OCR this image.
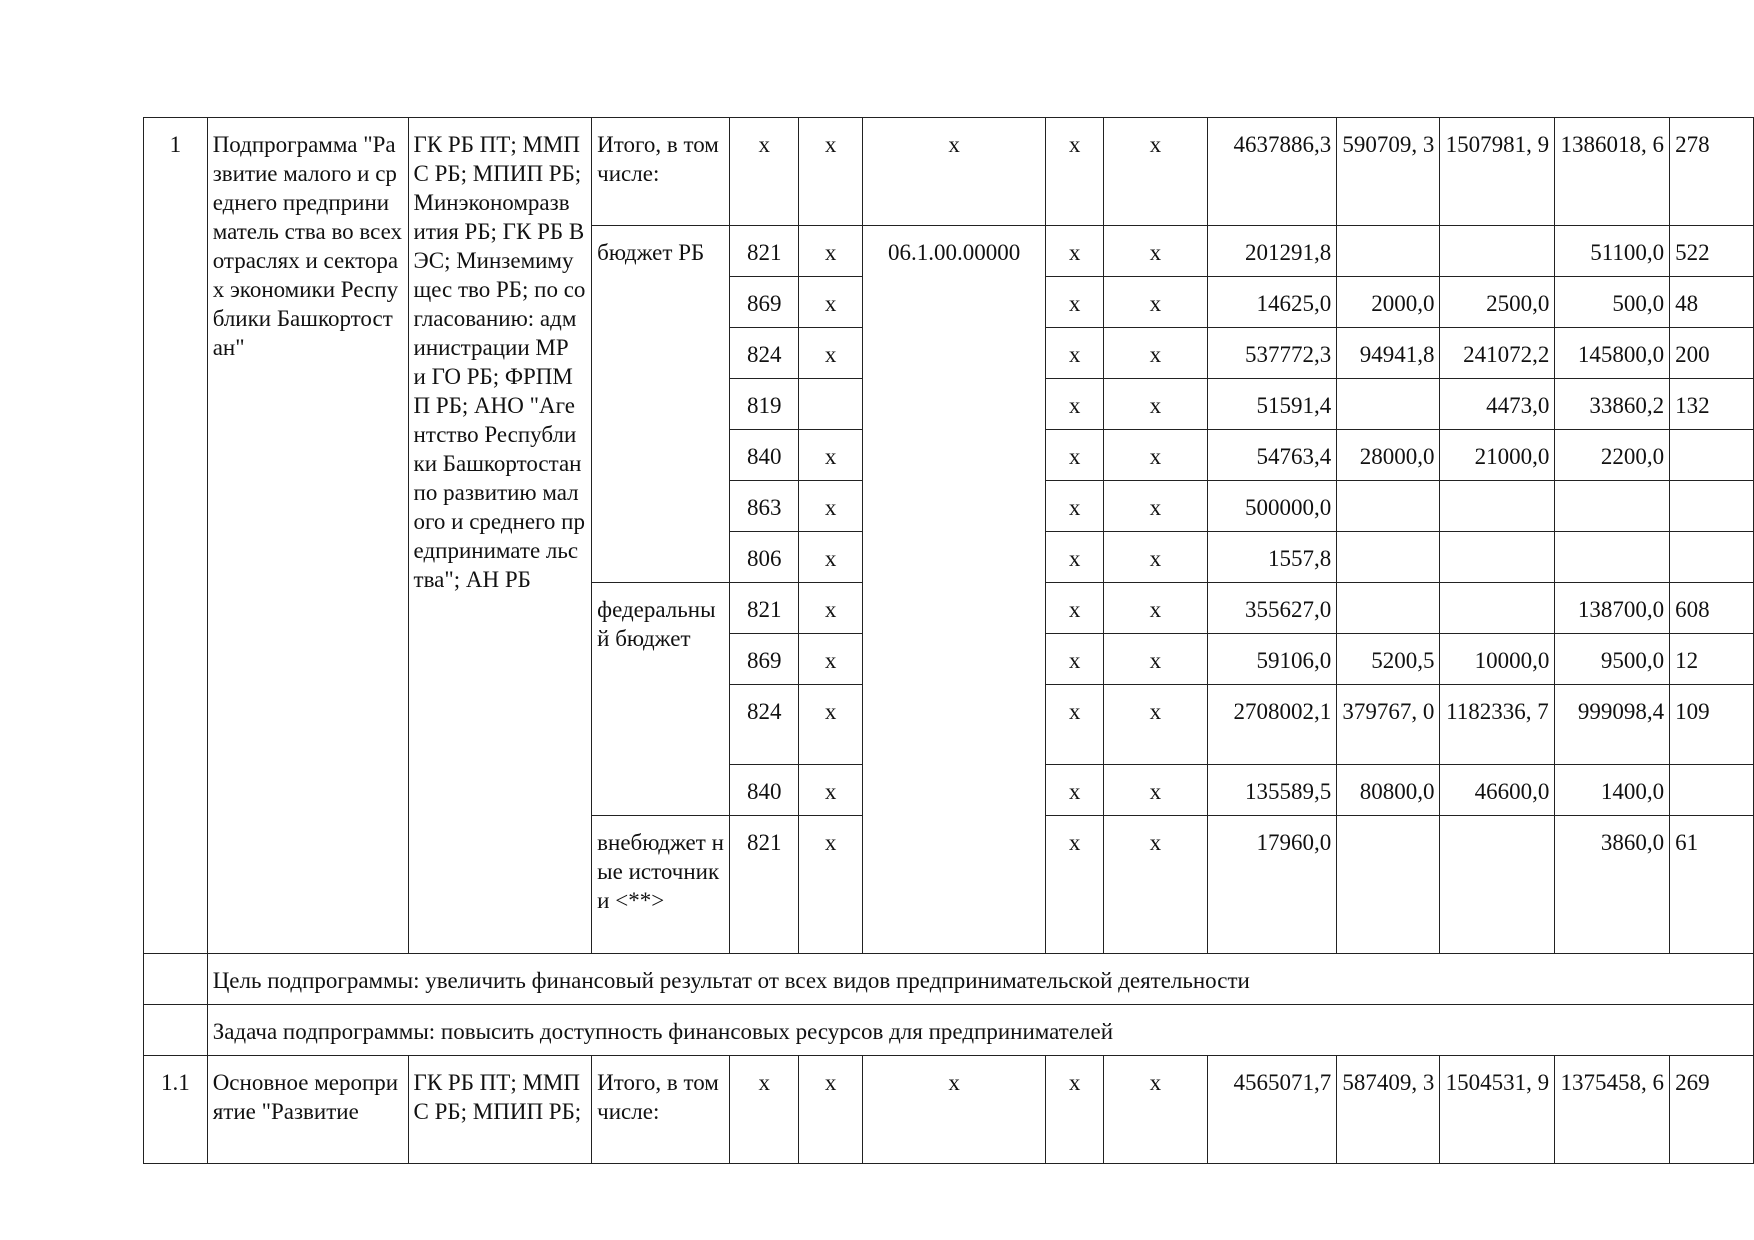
1	Подпрограмма "Развитие малого и среднего предприниматель ства во всех отраслях и секторах экономики Республики Башкортостан"	ГК РБ ПТ; ММПС РБ; МПИП РБ; Минэкономразв ития РБ; ГК РБ ВЭС; Минземимущес тво РБ; по согласованию: администрации МР и ГО РБ; ФРПМП РБ; АНО "Агентство Республики Башкортостан по развитию малого и среднего предпринимате льства"; АН РБ	Итого, в том числе:	x	x	x	x	x	4637886,3	590709, 3	1507981, 9	1386018, 6	278
			бюджет РБ	821	x	06.1.00.00000	x	x	201291,8			51100,0	522
				869	x		x	x	14625,0	2000,0	2500,0	500,0	48
				824	x		x	x	537772,3	94941,8	241072,2	145800,0	200
				819			x	x	51591,4		4473,0	33860,2	132
				840	x		x	x	54763,4	28000,0	21000,0	2200,0	
				863	x		x	x	500000,0				
				806	x		x	x	1557,8				
			федеральны й бюджет	821	x		x	x	355627,0			138700,0	608
				869	x		x	x	59106,0	5200,5	10000,0	9500,0	12
				824	x		x	x	2708002,1	379767, 0	1182336, 7	999098,4	109
				840	x		x	x	135589,5	80800,0	46600,0	1400,0	
			внебюджет ные источники <**>	821	x		x	x	17960,0			3860,0	61
	Цель подпрограммы: увеличить финансовый результат от всех видов предпринимательской деятельности												
	Задача подпрограммы: повысить доступность финансовых ресурсов для предпринимателей												
1.1	Основное мероприятие "Развитие	ГК РБ ПТ; ММПС РБ; МПИП РБ;	Итого, в том числе:	x	x	x	x	x	4565071,7	587409, 3	1504531, 9	1375458, 6	269
